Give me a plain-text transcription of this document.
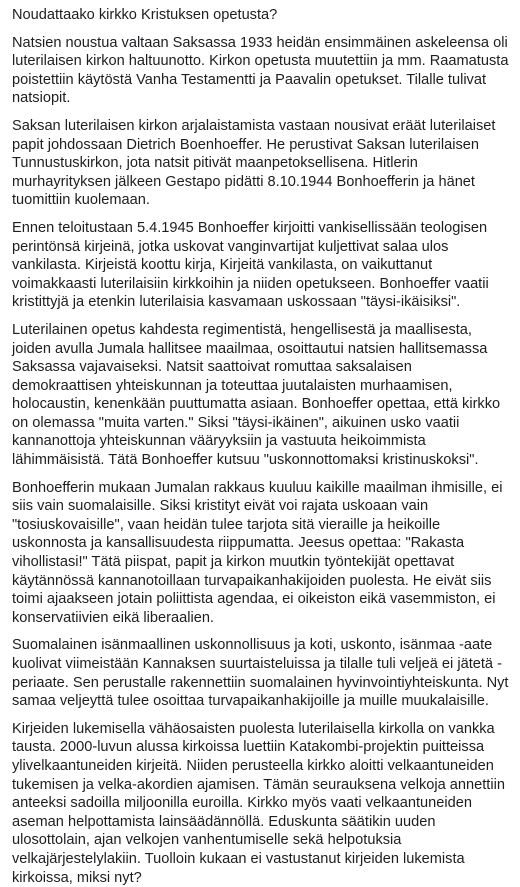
Noudattaako kirkko Kristuksen opetusta?

Natsien noustua valtaan Saksassa 1933 heidän ensimmäinen askeleensa oli luterilaisen kirkon haltuunotto. Kirkon opetusta muutettiin ja mm. Raamatusta poistettiin käytöstä Vanha Testamentti ja Paavalin opetukset. Tilalle tulivat natsiopit.

Saksan luterilaisen kirkon arjalaistamista vastaan nousivat eräät luterilaiset papit johdossaan Dietrich Boenhoeffer. He perustivat Saksan luterilaisen Tunnustuskirkon, jota natsit pitivät maanpetoksellisena. Hitlerin murhayrityksen jälkeen Gestapo pidätti 8.10.1944 Bonhoefferin ja hänet tuomittiin kuolemaan.

Ennen teloitustaan 5.4.1945 Bonhoeffer kirjoitti vankisellissään teologisen perintönsä kirjeinä, jotka uskovat vanginvartijat kuljettivat salaa ulos vankilasta. Kirjeistä koottu kirja, Kirjeitä vankilasta, on vaikuttanut voimakkaasti luterilaisiin kirkkoihin ja niiden opetukseen. Bonhoeffer vaatii kristittyjä ja etenkin luterilaisia kasvamaan uskossaan "täysi-ikäisiksi".

Luterilainen opetus kahdesta regimentistä, hengellisestä ja maallisesta, joiden avulla Jumala hallitsee maailmaa, osoittautui natsien hallitsemassa Saksassa vajavaiseksi. Natsit saattoivat romuttaa saksalaisen demokraattisen yhteiskunnan ja toteuttaa juutalaisten murhaamisen, holocaustin, kenenkään puuttumatta asiaan. Bonhoeffer opettaa, että kirkko on olemassa "muita varten." Siksi "täysi-ikäinen", aikuinen usko vaatii kannanottoja yhteiskunnan vääryyksiin ja vastuuta heikoimmista lähimmäisistä. Tätä Bonhoeffer kutsuu "uskonnottomaksi kristinuskoksi".

Bonhoefferin mukaan Jumalan rakkaus kuuluu kaikille maailman ihmisille, ei siis vain suomalaisille. Siksi kristityt eivät voi rajata uskoaan vain "tosiuskovaisille", vaan heidän tulee tarjota sitä vieraille ja heikoille uskonnosta ja kansallisuudesta riippumatta. Jeesus opettaa: "Rakasta vihollistasi!" Tätä piispat, papit ja kirkon muutkin työntekijät opettavat käytännössä kannanotoillaan turvapaikanhakijoiden puolesta. He eivät siis toimi ajaakseen jotain poliittista agendaa, ei oikeiston eikä vasemmiston, ei konservatiivien eikä liberaalien.

Suomalainen isänmaallinen uskonnollisuus ja koti, uskonto, isänmaa -aate kuolivat viimeistään Kannaksen suurtaisteluissa ja tilalle tuli veljeä ei jätetä -periaate. Sen perustalle rakennettiin suomalainen hyvinvointiyhteiskunta. Nyt samaa veljeyttä tulee osoittaa turvapaikanhakijoille ja muille muukalaisille.

Kirjeiden lukemisella vähäosaisten puolesta luterilaisella kirkolla on vankka tausta. 2000-luvun alussa kirkoissa luettiin Katakombi-projektin puitteissa ylivelkaantuneiden kirjeitä. Niiden perusteella kirkko aloitti velkaantuneiden tukemisen ja velka-akordien ajamisen. Tämän seurauksena velkoja annettiin anteeksi sadoilla miljoonilla euroilla. Kirkko myös vaati velkaantuneiden aseman helpottamista lainsäädännöllä. Eduskunta säätikin uuden ulosottolain, ajan velkojen vanhentumiselle sekä helpotuksia velkajärjestelylakiin. Tuolloin kukaan ei vastustanut kirjeiden lukemista kirkoissa, miksi nyt?
